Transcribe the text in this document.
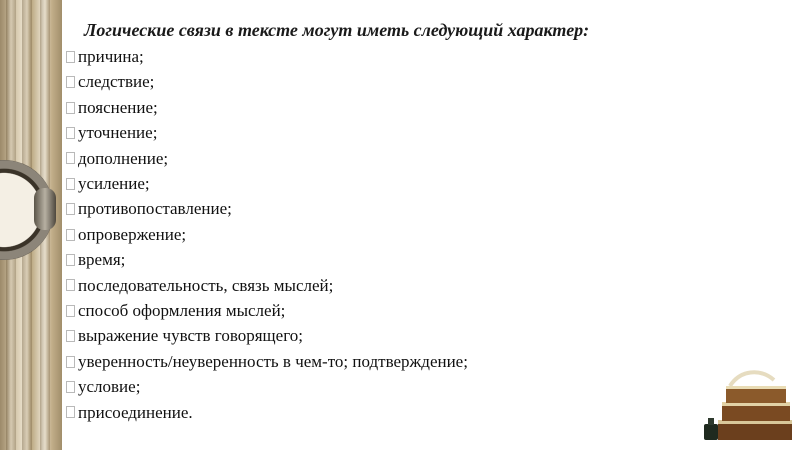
Логические связи в тексте могут иметь следующий характер:

причина;
следствие;
пояснение;
уточнение;
дополнение;
усиление;
противопоставление;
опровержение;
время;
последовательность, связь мыслей;
способ оформления мыслей;
выражение чувств говорящего;
уверенность/неуверенность в чем-то; подтверждение;
условие;
присоединение.
